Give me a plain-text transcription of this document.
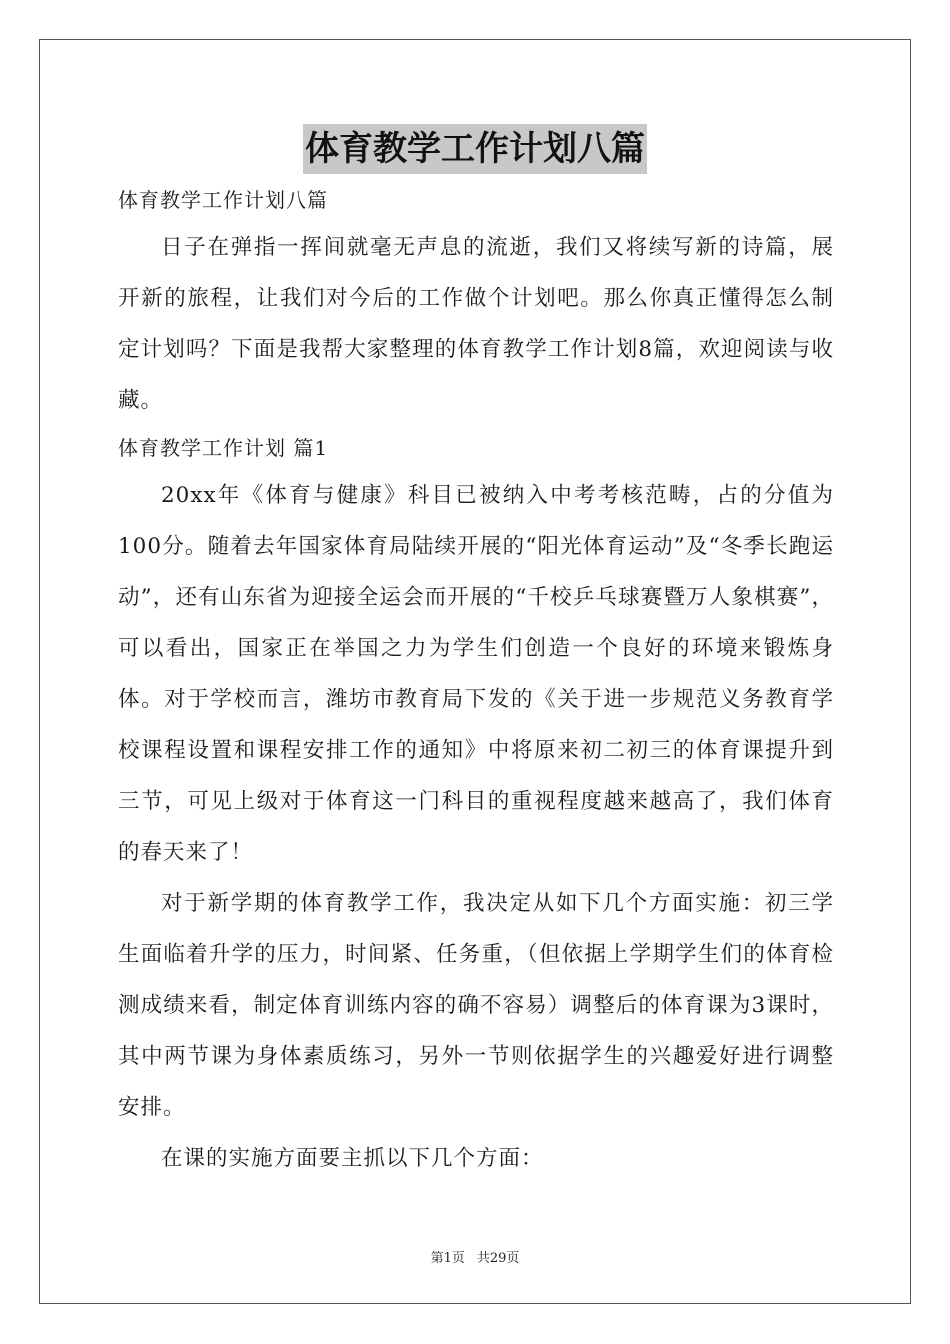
体育教学工作计划八篇

体育教学工作计划八篇

日子在弹指一挥间就毫无声息的流逝，我们又将续写新的诗篇，展开新的旅程，让我们对今后的工作做个计划吧。那么你真正懂得怎么制定计划吗？下面是我帮大家整理的体育教学工作计划8篇，欢迎阅读与收藏。

体育教学工作计划 篇1

20xx年《体育与健康》科目已被纳入中考考核范畴，占的分值为100分。随着去年国家体育局陆续开展的“阳光体育运动”及“冬季长跑运动”，还有山东省为迎接全运会而开展的“千校乒乓球赛暨万人象棋赛”，可以看出，国家正在举国之力为学生们创造一个良好的环境来锻炼身体。对于学校而言，潍坊市教育局下发的《关于进一步规范义务教育学校课程设置和课程安排工作的通知》中将原来初二初三的体育课提升到三节，可见上级对于体育这一门科目的重视程度越来越高了，我们体育的春天来了！

对于新学期的体育教学工作，我决定从如下几个方面实施：初三学生面临着升学的压力，时间紧、任务重，（但依据上学期学生们的体育检测成绩来看，制定体育训练内容的确不容易）调整后的体育课为3课时，其中两节课为身体素质练习，另外一节则依据学生的兴趣爱好进行调整安排。

在课的实施方面要主抓以下几个方面：

第1页 共29页
